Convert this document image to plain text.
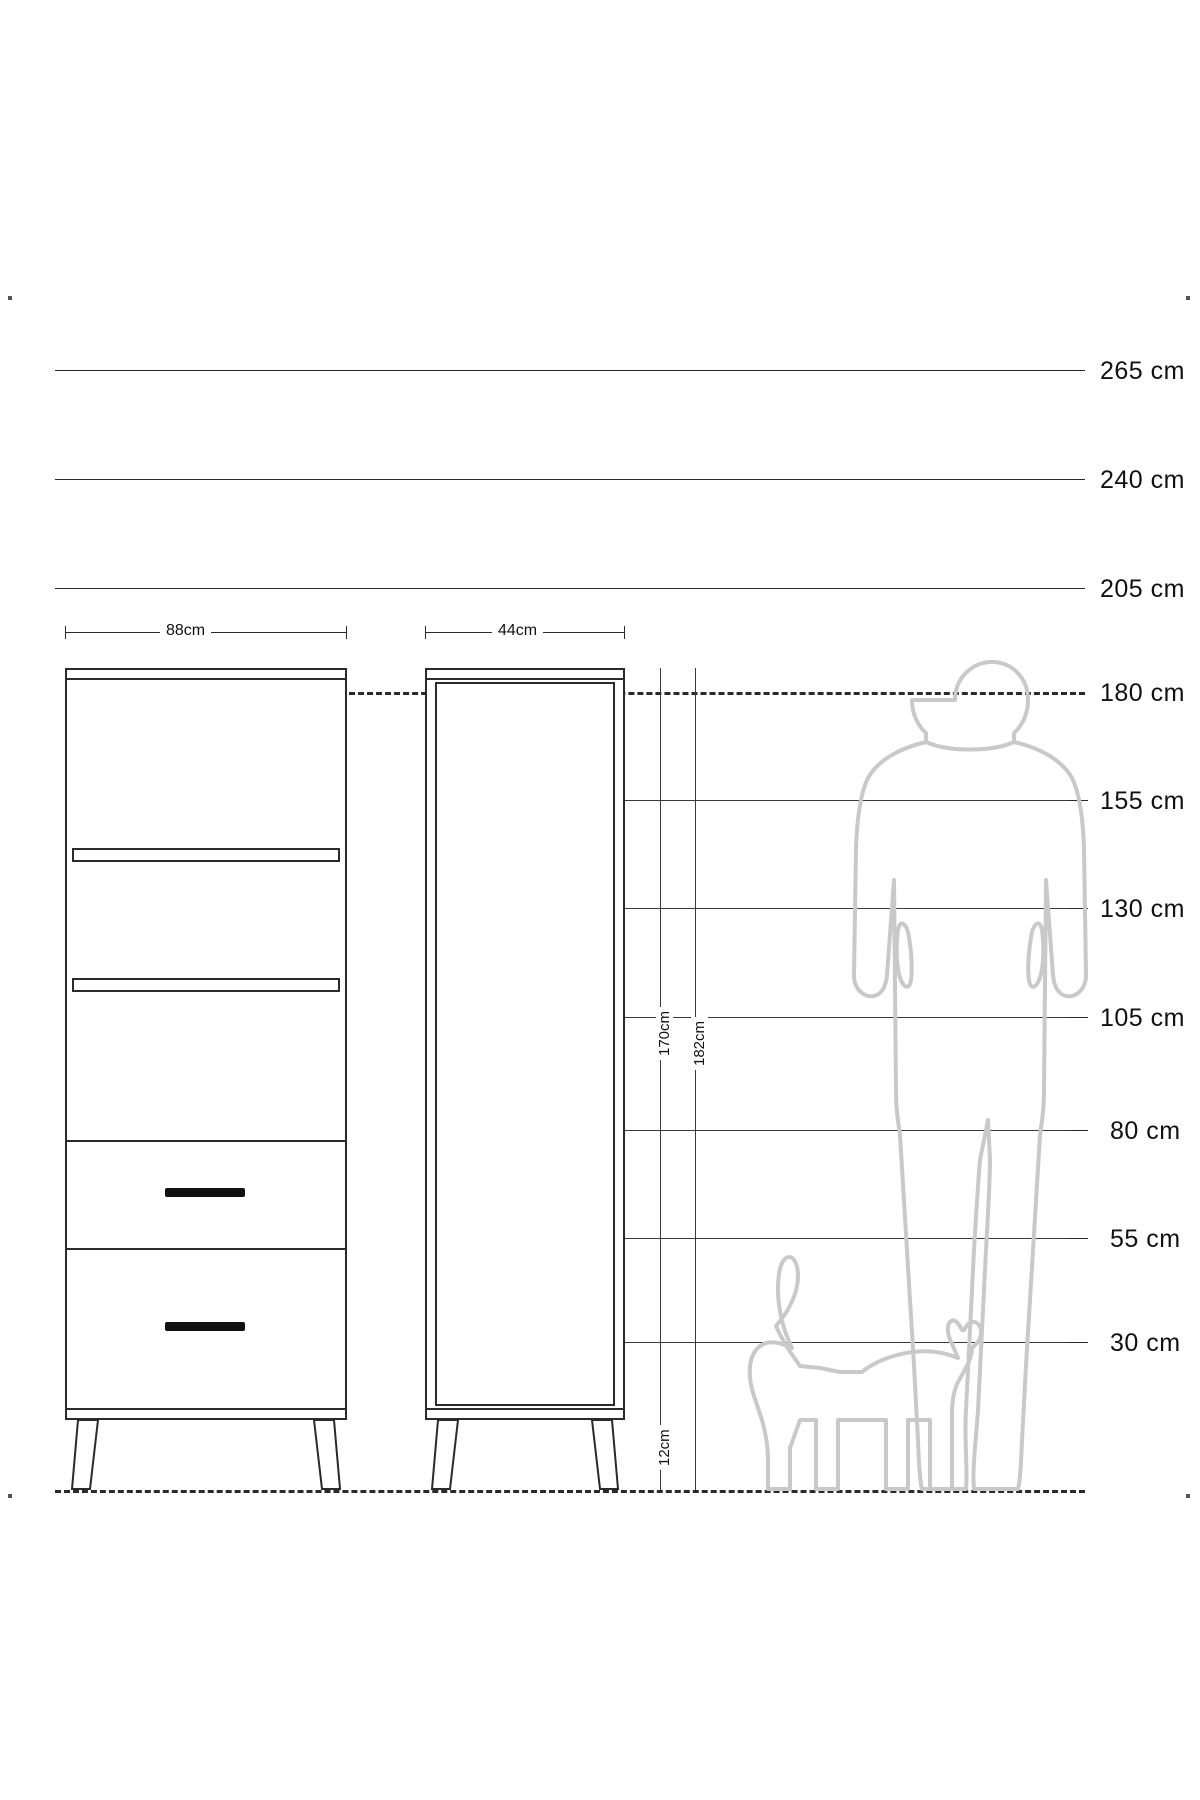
265 cm
240 cm
205 cm
180 cm
155 cm
130 cm
105 cm
80 cm
55 cm
30 cm
88cm	44cm
170cm 182cm
12cm
